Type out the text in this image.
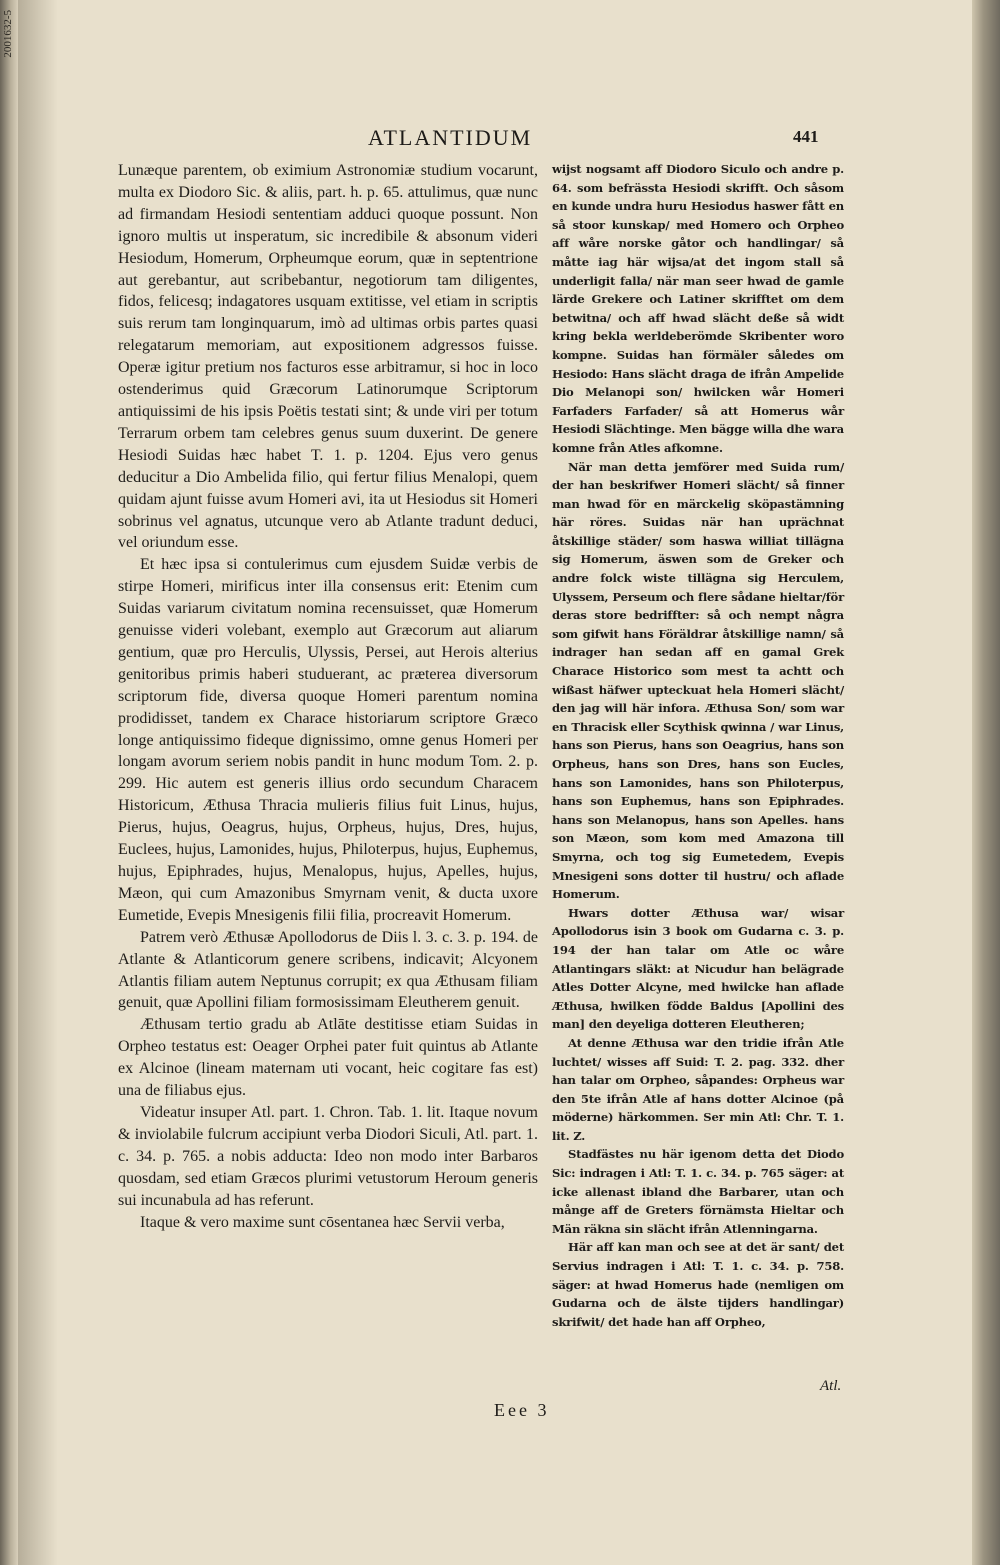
2001632-5
ATLANTIDUM	441

Lunæque parentem, ob eximium Astronomiæ studium vocarunt, multa ex Diodoro Sic. & aliis, part. h. p. 65. attulimus, quæ nunc ad firmandam Hesiodi sententiam adduci quoque possunt. Non ignoro multis ut insperatum, sic incredibile & absonum videri Hesiodum, Homerum, Orpheumque eorum, quæ in septentrione aut gerebantur, aut scribebantur, negotiorum tam diligentes, fidos, felicesq; indagatores usquam extitisse, vel etiam in scriptis suis rerum tam longinquarum, imò ad ultimas orbis partes quasi relegatarum memoriam, aut expositionem adgressos fuisse. Operæ igitur pretium nos facturos esse arbitramur, si hoc in loco ostenderimus quid Græcorum Latinorumque Scriptorum antiquissimi de his ipsis Poëtis testati sint; & unde viri per totum Terrarum orbem tam celebres genus suum duxerint. De genere Hesiodi Suidas hæc habet T. 1. p. 1204. Ejus vero genus deducitur a Dio Ambelida filio, qui fertur filius Menalopi, quem quidam ajunt fuisse avum Homeri avi, ita ut Hesiodus sit Homeri sobrinus vel agnatus, utcunque vero ab Atlante tradunt deduci, vel oriundum esse.

Et hæc ipsa si contulerimus cum ejusdem Suidæ verbis de stirpe Homeri, mirificus inter illa consensus erit: Etenim cum Suidas variarum civitatum nomina recensuisset, quæ Homerum genuisse videri volebant, exemplo aut Græcorum aut aliarum gentium, quæ pro Herculis, Ulyssis, Persei, aut Herois alterius genitoribus primis haberi studuerant, ac præterea diversorum scriptorum fide, diversa quoque Homeri parentum nomina prodidisset, tandem ex Charace historiarum scriptore Græco longe antiquissimo fideque dignissimo, omne genus Homeri per longam avorum seriem nobis pandit in hunc modum Tom. 2. p. 299. Hic autem est generis illius ordo secundum Characem Historicum, Æthusa Thracia mulieris filius fuit Linus, hujus, Pierus, hujus, Oeagrus, hujus, Orpheus, hujus, Dres, hujus, Euclees, hujus, Lamonides, hujus, Philoterpus, hujus, Euphemus, hujus, Epiphrades, hujus, Menalopus, hujus, Apelles, hujus, Mæon, qui cum Amazonibus Smyrnam venit, & ducta uxore Eumetide, Evepis Mnesigenis filii filia, procreavit Homerum.

Patrem verò Æthusæ Apollodorus de Diis l. 3. c. 3. p. 194. de Atlante & Atlanticorum genere scribens, indicavit; Alcyonem Atlantis filiam autem Neptunus corrupit; ex qua Æthusam filiam genuit, quæ Apollini filiam formosissimam Eleutherem genuit.

Æthusam tertio gradu ab Atlāte destitisse etiam Suidas in Orpheo testatus est: Oeager Orphei pater fuit quintus ab Atlante ex Alcinoe (lineam maternam uti vocant, heic cogitare fas est) una de filiabus ejus.

Videatur insuper Atl. part. 1. Chron. Tab. 1. lit. Itaque novum & inviolabile fulcrum accipiunt verba Diodori Siculi, Atl. part. 1. c. 34. p. 765. a nobis adducta: Ideo non modo inter Barbaros quosdam, sed etiam Græcos plurimi vetustorum Heroum generis sui incunabula ad has referunt.

Itaque & vero maxime sunt cōsentanea hæc Servii verba,

wijst nogsamt aff Diodoro Siculo och andre p. 64. som befrässta Hesiodi skrifft. Och såsom en kunde undra huru Hesiodus haswer fått en så stoor kunskap/ med Homero och Orpheo aff wåre norske gåtor och handlingar/ så måtte iag här wijsa/at det ingom stall så underligit falla/ när man seer hwad de gamle lärde Grekere och Latiner skrifftet om dem betwitna/ och aff hwad slächt deße så widt kring bekla werldeberömde Skribenter woro kompne. Suidas han förmäler således om Hesiodo: Hans slächt draga de ifrån Ampelide Dio Melanopi son/ hwilcken wår Homeri Farfaders Farfader/ så att Homerus wår Hesiodi Slächtinge. Men bägge willa dhe wara komne från Atles afkomne.

När man detta jemförer med Suida rum/ der han beskrifwer Homeri slächt/ så finner man hwad för en märckelig sköpastämning här röres. Suidas när han uprächnat åtskillige städer/ som haswa williat tillägna sig Homerum, äswen som de Greker och andre folck wiste tillägna sig Herculem, Ulyssem, Perseum och flere sådane hieltar/för deras store bedriffter: så och nempt några som gifwit hans Föräldrar åtskillige namn/ så indrager han sedan aff en gamal Grek Charace Historico som mest ta achtt och wißast häfwer upteckuat hela Homeri slächt/ den jag will här infora. Æthusa Son/ som war en Thracisk eller Scythisk qwinna / war Linus, hans son Pierus, hans son Oeagrius, hans son Orpheus, hans son Dres, hans son Eucles, hans son Lamonides, hans son Philoterpus, hans son Euphemus, hans son Epiphrades. hans son Melanopus, hans son Apelles. hans son Mæon, som kom med Amazona till Smyrna, och tog sig Eumetedem, Evepis Mnesigeni sons dotter til hustru/ och aflade Homerum.

Hwars dotter Æthusa war/ wisar Apollodorus isin 3 book om Gudarna c. 3. p. 194 der han talar om Atle oc wåre Atlantingars släkt: at Nicudur han belägrade Atles Dotter Alcyne, med hwilcke han aflade Æthusa, hwilken födde Baldus [Apollini des man] den deyeliga dotteren Eleutheren;

At denne Æthusa war den tridie ifrån Atle luchtet/ wisses aff Suid: T. 2. pag. 332. dher han talar om Orpheo, såpandes: Orpheus war den 5te ifrån Atle af hans dotter Alcinoe (på möderne) härkommen. Ser min Atl: Chr. T. 1. lit. Z.

Stadfästes nu här igenom detta det Diodo Sic: indragen i Atl: T. 1. c. 34. p. 765 säger: at icke allenast ibland dhe Barbarer, utan och månge aff de Greters förnämsta Hieltar och Män räkna sin slächt ifrån Atlenningarna.

Här aff kan man och see at det är sant/ det Servius indragen i Atl: T. 1. c. 34. p. 758. säger: at hwad Homerus hade (nemligen om Gudarna och de älste tijders handlingar) skrifwit/ det hade han aff Orpheo,

Eee 3
Atl.
